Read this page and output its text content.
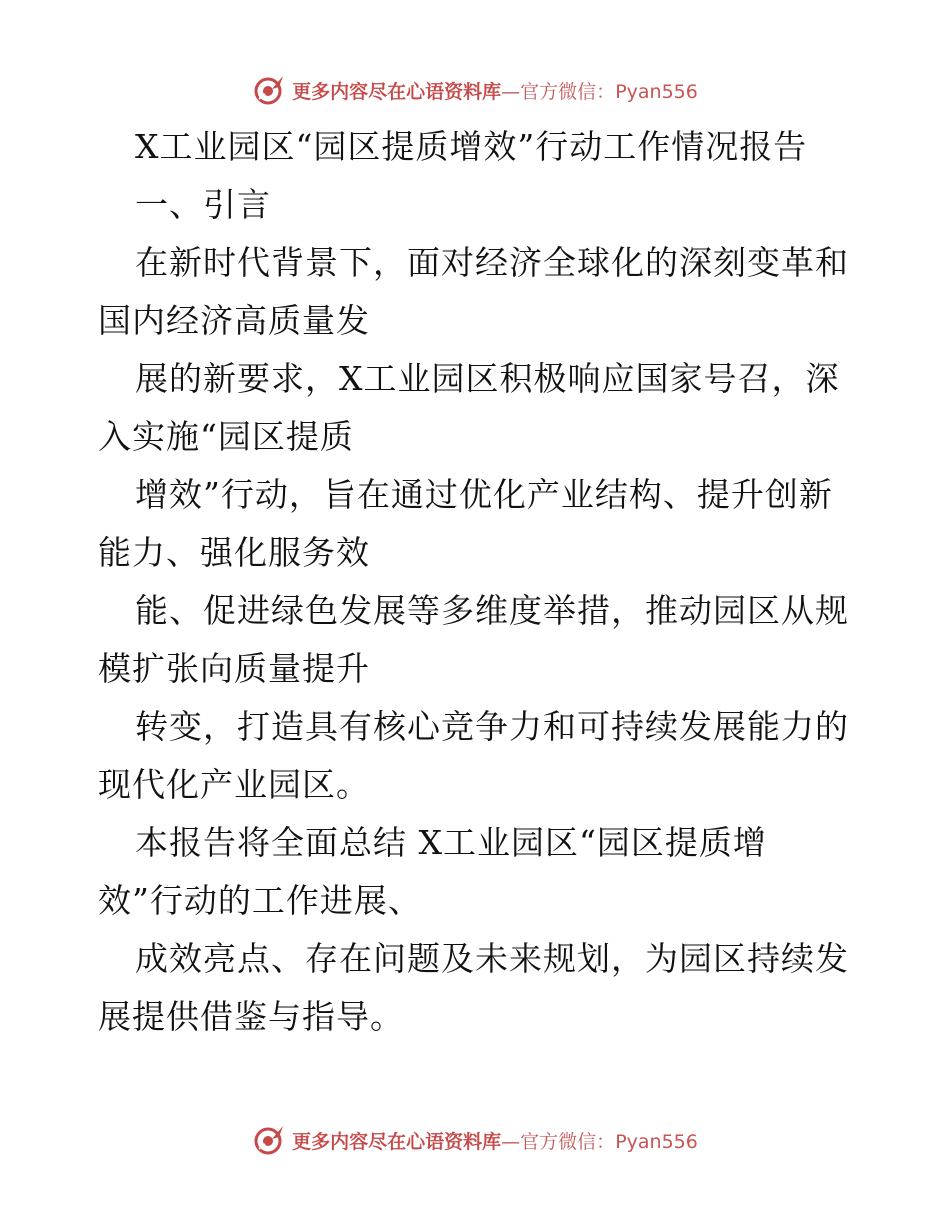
更多内容尽在心语资料库—官方微信：Pyan556
X工业园区“园区提质增效”行动工作情况报告
一、引言
在新时代背景下，面对经济全球化的深刻变革和
国内经济高质量发
展的新要求，X工业园区积极响应国家号召，深
入实施“园区提质
增效”行动，旨在通过优化产业结构、提升创新
能力、强化服务效
能、促进绿色发展等多维度举措，推动园区从规
模扩张向质量提升
转变，打造具有核心竞争力和可持续发展能力的
现代化产业园区。
本报告将全面总结 X工业园区“园区提质增
效”行动的工作进展、
成效亮点、存在问题及未来规划，为园区持续发
展提供借鉴与指导。
更多内容尽在心语资料库—官方微信：Pyan556
